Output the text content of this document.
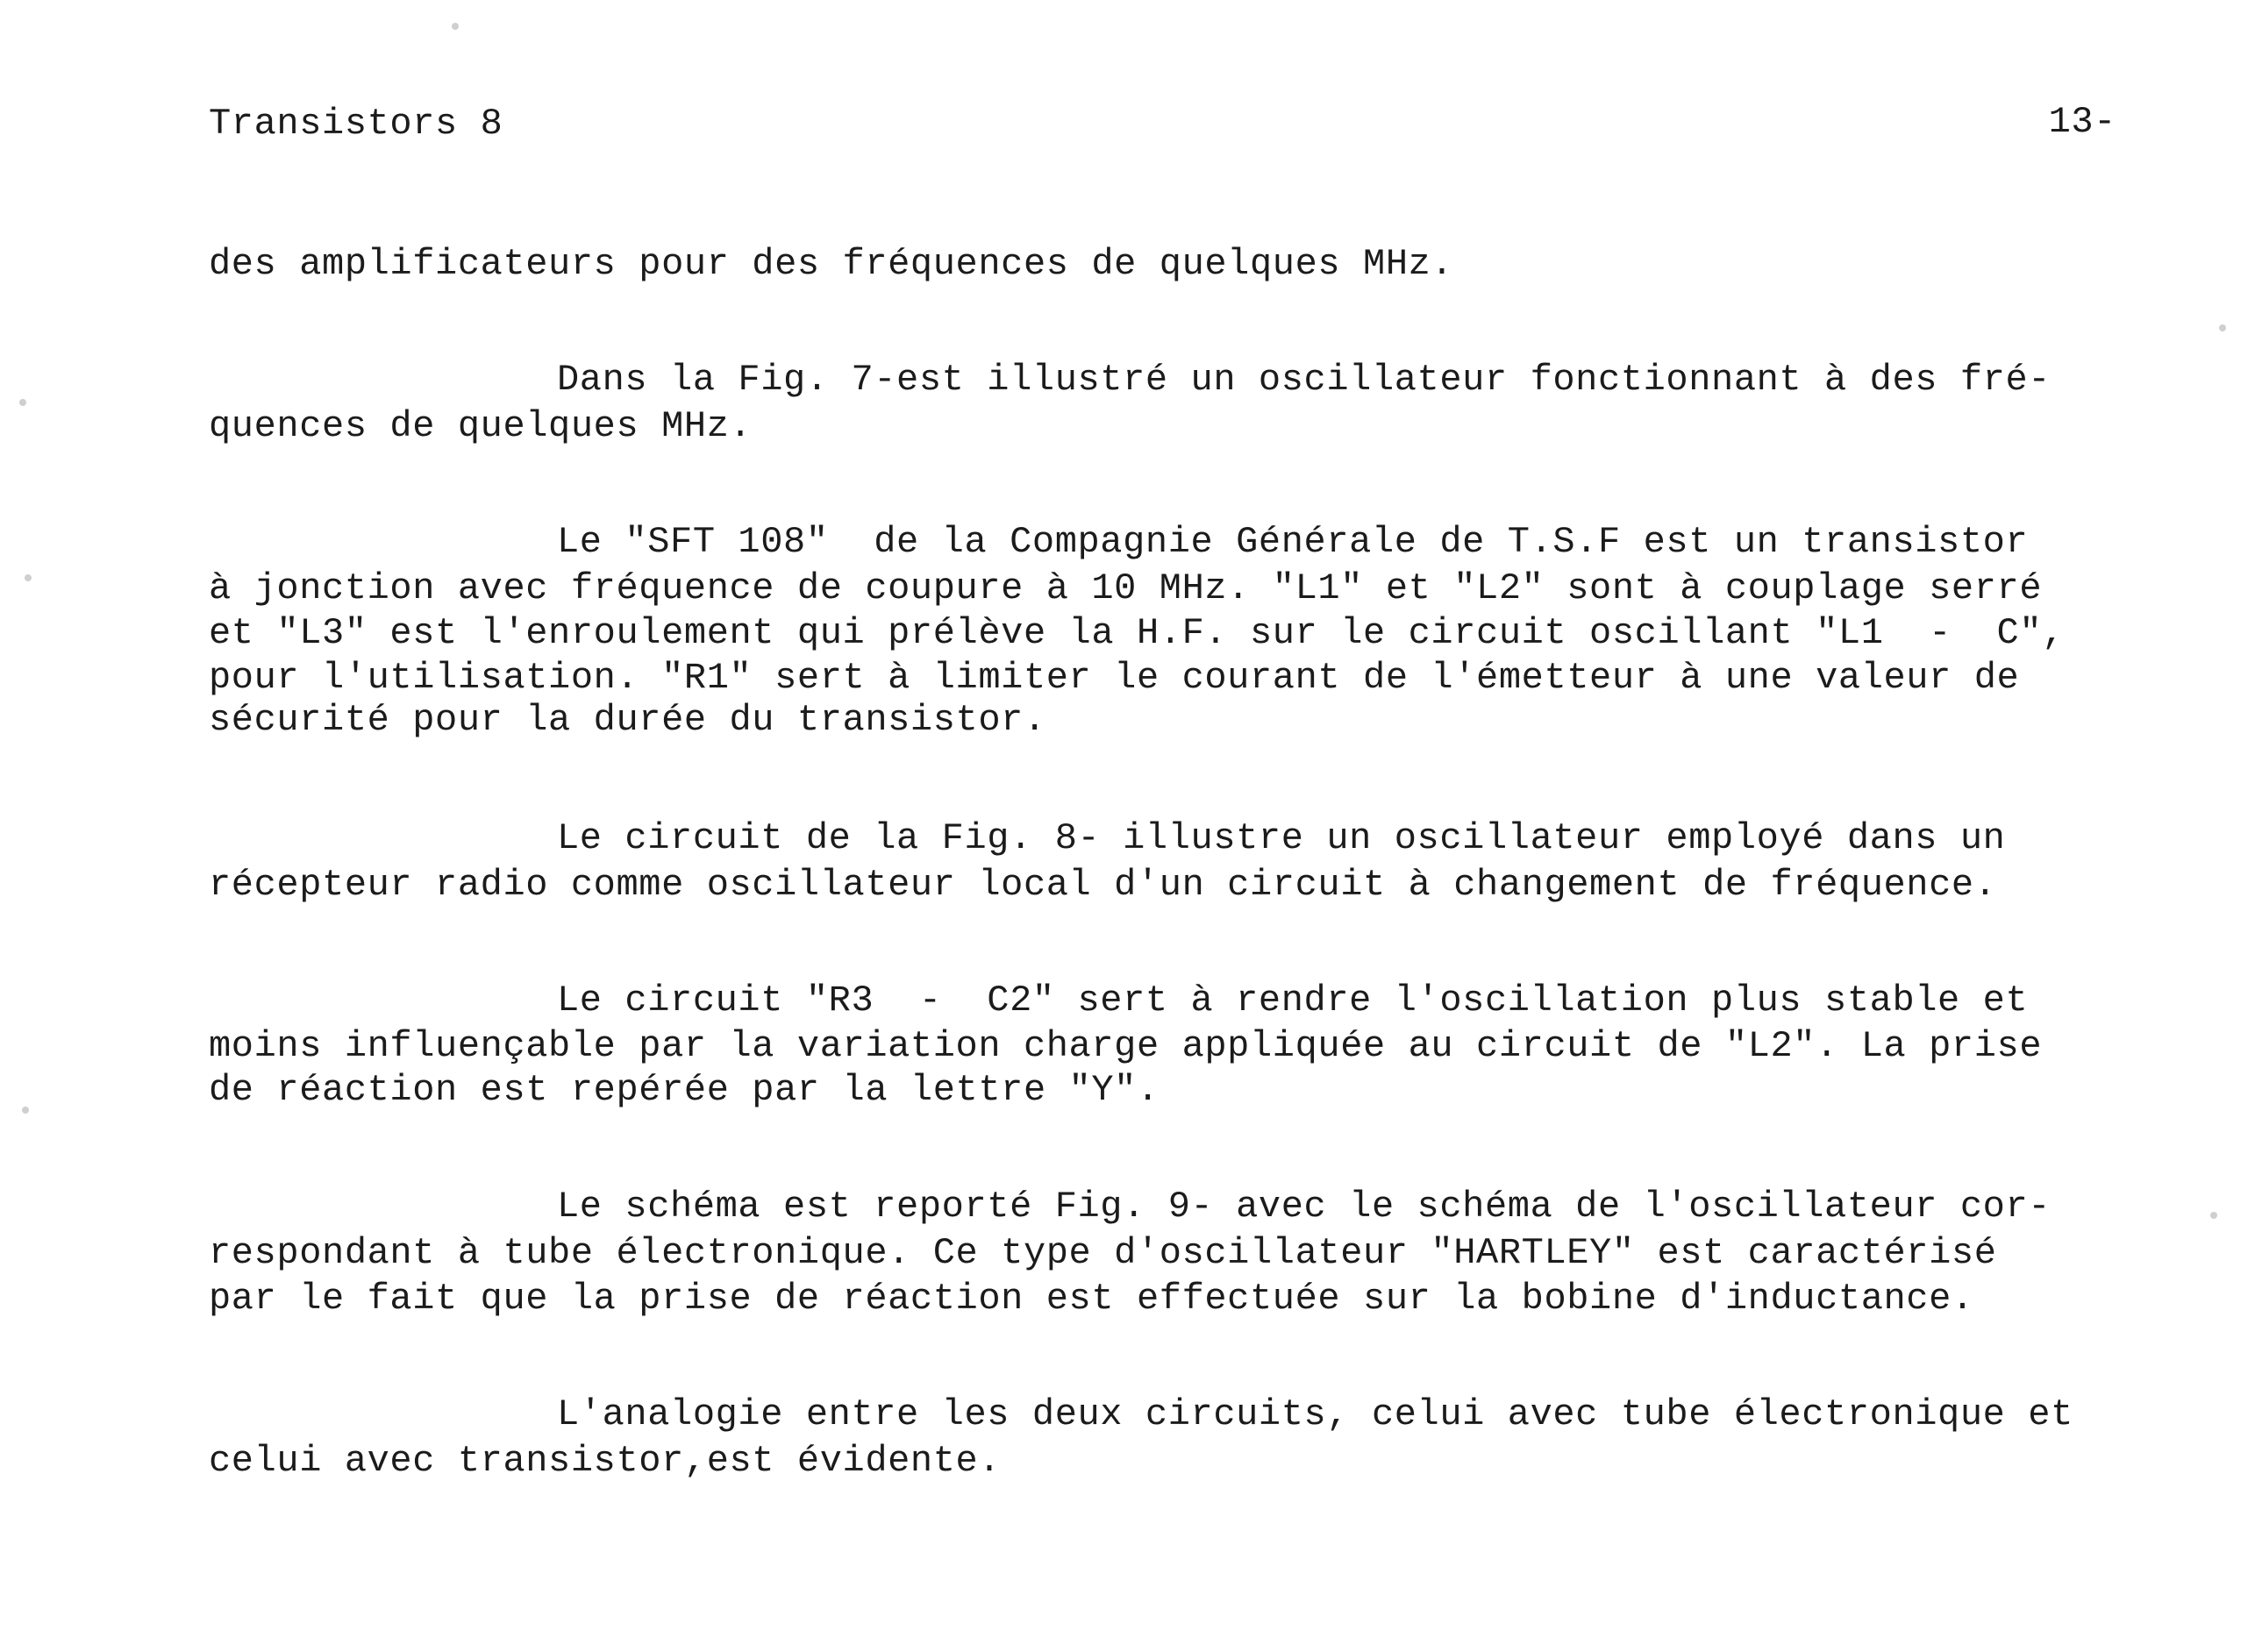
Transistors 8	13-
des amplificateurs pour des fréquences de quelques MHz.
Dans la Fig. 7-est illustré un oscillateur fonctionnant à des fré-
quences de quelques MHz.
Le "SFT 108"  de la Compagnie Générale de T.S.F est un transistor
à jonction avec fréquence de coupure à 10 MHz. "L1" et "L2" sont à couplage serré
et "L3" est l'enroulement qui prélève la H.F. sur le circuit oscillant "L1  -  C",
pour l'utilisation. "R1" sert à limiter le courant de l'émetteur à une valeur de
sécurité pour la durée du transistor.
Le circuit de la Fig. 8- illustre un oscillateur employé dans un
récepteur radio comme oscillateur local d'un circuit à changement de fréquence.
Le circuit "R3  -  C2" sert à rendre l'oscillation plus stable et
moins influençable par la variation charge appliquée au circuit de "L2". La prise
de réaction est repérée par la lettre "Y".
Le schéma est reporté Fig. 9- avec le schéma de l'oscillateur cor-
respondant à tube électronique. Ce type d'oscillateur "HARTLEY" est caractérisé
par le fait que la prise de réaction est effectuée sur la bobine d'inductance.
L'analogie entre les deux circuits, celui avec tube électronique et
celui avec transistor,est évidente.
